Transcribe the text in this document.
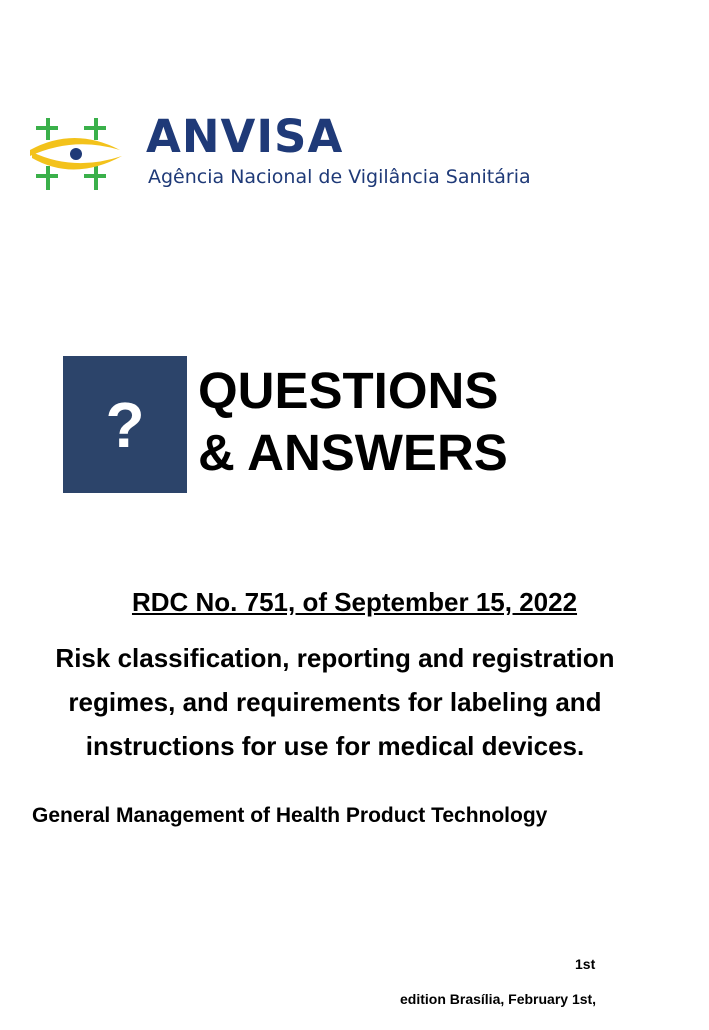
ANVISA
Agência Nacional de Vigilância Sanitária
? QUESTIONS
& ANSWERS
RDC No. 751, of September 15, 2022
Risk classification, reporting and registration
regimes, and requirements for labeling and
instructions for use for medical devices.
General Management of Health Product Technology
1st
edition Brasília, February 1st,
